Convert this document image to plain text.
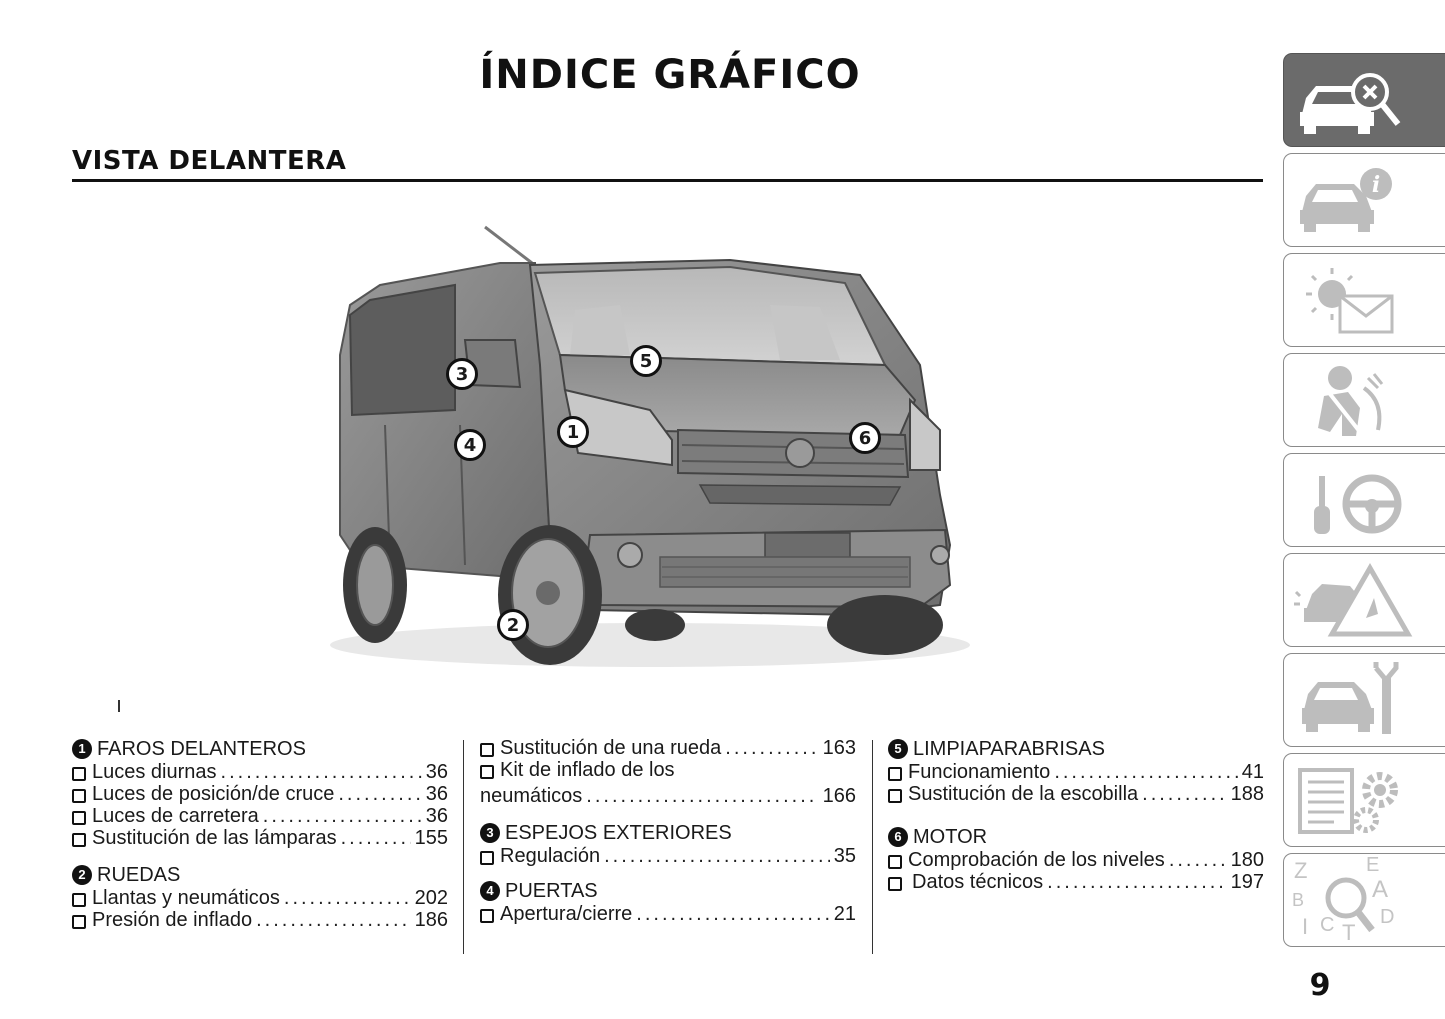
ÍNDICE GRÁFICO
VISTA DELANTERA
1
2
3
4
5
6
1 FAROS DELANTEROS
Luces diurnas .....	36
Luces de posición/de cruce .....	36
Luces de carretera .....	36
Sustitución de las lámparas .....	155
2 RUEDAS
Llantas y neumáticos .....	202
Presión de inflado .....	186
Sustitución de una rueda .....	163
Kit de inflado de los
neumáticos .....	166
3 ESPEJOS EXTERIORES
Regulación .....	35
4 PUERTAS
Apertura/cierre .....	21
5 LIMPIAPARABRISAS
Funcionamiento .....	41
Sustitución de la escobilla .....	188
6 MOTOR
Comprobación de los niveles .....	180
Datos técnicos .....	197
i
Z	E
B	A
I C T
D
9
